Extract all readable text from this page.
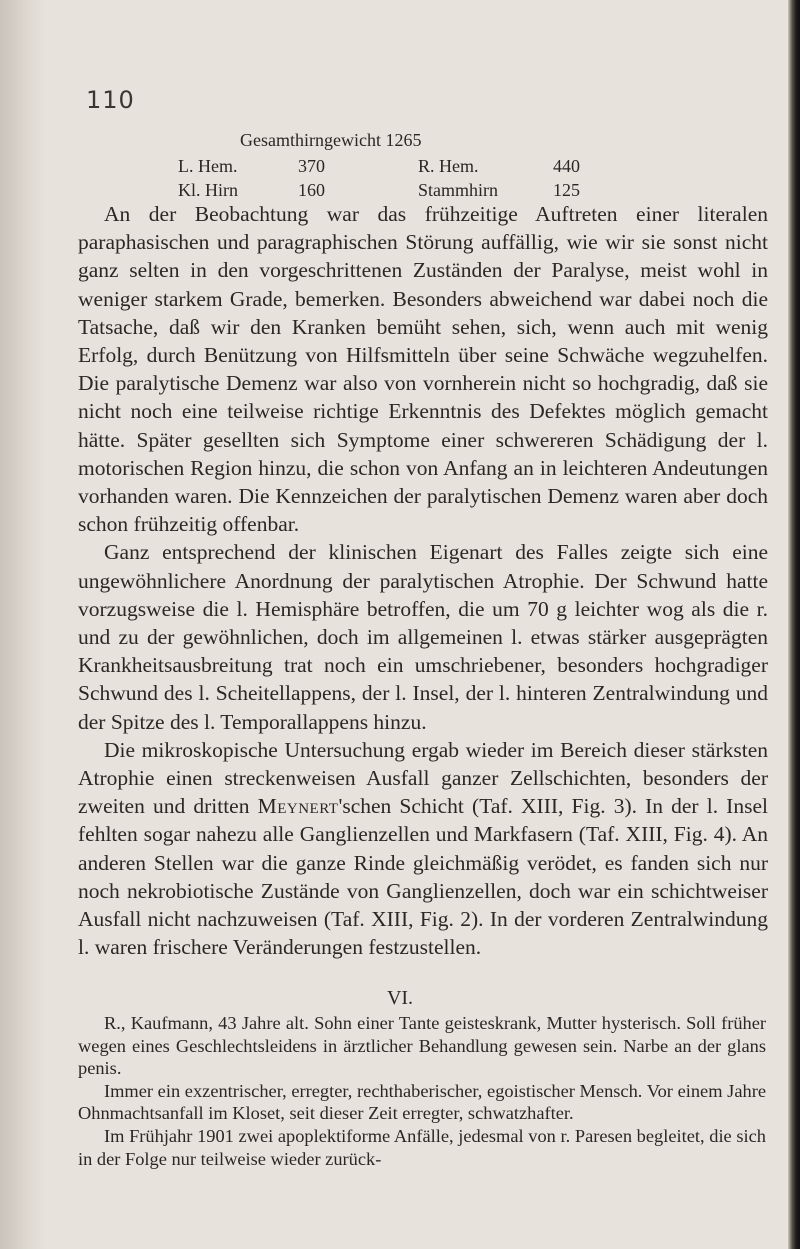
110
Gesamthirngewicht 1265
L. Hem.	370	R. Hem.	440
Kl. Hirn	160	Stammhirn	125

An der Beobachtung war das frühzeitige Auftreten einer literalen paraphasischen und paragraphischen Störung auffällig, wie wir sie sonst nicht ganz selten in den vorgeschrittenen Zuständen der Paralyse, meist wohl in weniger starkem Grade, bemerken. Besonders abweichend war dabei noch die Tatsache, daß wir den Kranken bemüht sehen, sich, wenn auch mit wenig Erfolg, durch Benützung von Hilfsmitteln über seine Schwäche wegzuhelfen. Die paralytische Demenz war also von vornherein nicht so hochgradig, daß sie nicht noch eine teilweise richtige Erkenntnis des Defektes möglich gemacht hätte. Später gesellten sich Symptome einer schwereren Schädigung der l. motorischen Region hinzu, die schon von Anfang an in leichteren Andeutungen vorhanden waren. Die Kennzeichen der paralytischen Demenz waren aber doch schon frühzeitig offenbar.

Ganz entsprechend der klinischen Eigenart des Falles zeigte sich eine ungewöhnlichere Anordnung der paralytischen Atrophie. Der Schwund hatte vorzugsweise die l. Hemisphäre betroffen, die um 70 g leichter wog als die r. und zu der gewöhnlichen, doch im allgemeinen l. etwas stärker ausgeprägten Krankheitsausbreitung trat noch ein umschriebener, besonders hochgradiger Schwund des l. Scheitellappens, der l. Insel, der l. hinteren Zentralwindung und der Spitze des l. Temporallappens hinzu.

Die mikroskopische Untersuchung ergab wieder im Bereich dieser stärksten Atrophie einen streckenweisen Ausfall ganzer Zellschichten, besonders der zweiten und dritten Meynert'schen Schicht (Taf. XIII, Fig. 3). In der l. Insel fehlten sogar nahezu alle Ganglienzellen und Markfasern (Taf. XIII, Fig. 4). An anderen Stellen war die ganze Rinde gleichmäßig verödet, es fanden sich nur noch nekrobiotische Zustände von Ganglienzellen, doch war ein schichtweiser Ausfall nicht nachzuweisen (Taf. XIII, Fig. 2). In der vorderen Zentralwindung l. waren frischere Veränderungen festzustellen.

VI.

R., Kaufmann, 43 Jahre alt. Sohn einer Tante geisteskrank, Mutter hysterisch. Soll früher wegen eines Geschlechtsleidens in ärztlicher Behandlung gewesen sein. Narbe an der glans penis.

Immer ein exzentrischer, erregter, rechthaberischer, egoistischer Mensch. Vor einem Jahre Ohnmachtsanfall im Kloset, seit dieser Zeit erregter, schwatzhafter.

Im Frühjahr 1901 zwei apoplektiforme Anfälle, jedesmal von r. Paresen begleitet, die sich in der Folge nur teilweise wieder zurück-
